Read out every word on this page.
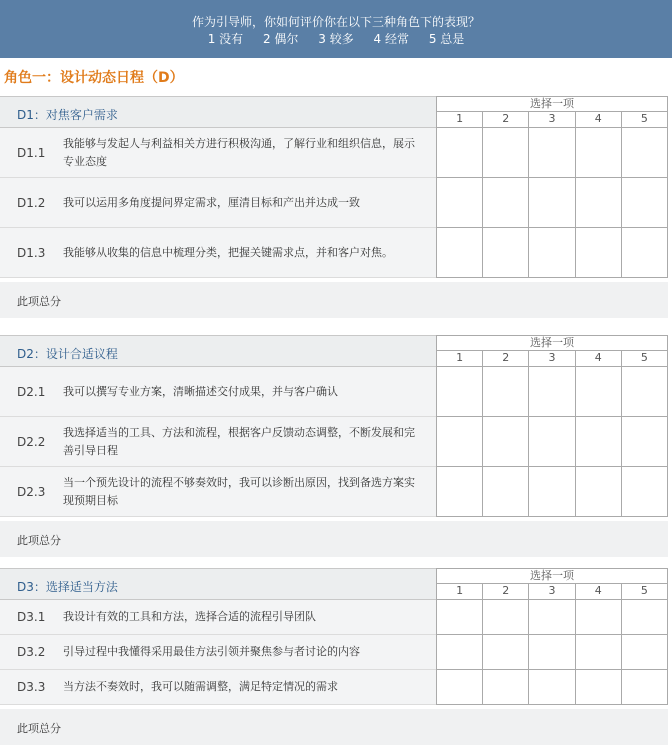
作为引导师，你如何评价你在以下三种角色下的表现？
1 没有 2 偶尔 3 较多 4 经常 5 总是
角色一：设计动态日程（D）
D1：对焦客户需求
选择一项
1	2	3	4	5
D1.1
我能够与发起人与利益相关方进行积极沟通，了解行业和组织信息，展示专业态度
D1.2 我可以运用多角度提问界定需求，厘清目标和产出并达成一致
D1.3 我能够从收集的信息中梳理分类，把握关键需求点，并和客户对焦。
此项总分
D2：设计合适议程
选择一项
1	2	3	4	5
D2.1 我可以撰写专业方案，清晰描述交付成果，并与客户确认
D2.2
我选择适当的工具、方法和流程，根据客户反馈动态调整，不断发展和完善引导日程
D2.3
当一个预先设计的流程不够奏效时，我可以诊断出原因，找到备选方案实现预期目标
此项总分
D3：选择适当方法
选择一项
1	2	3	4	5
D3.1 我设计有效的工具和方法，选择合适的流程引导团队
D3.2 引导过程中我懂得采用最佳方法引领并聚焦参与者讨论的内容
D3.3 当方法不奏效时，我可以随需调整，满足特定情况的需求
此项总分
